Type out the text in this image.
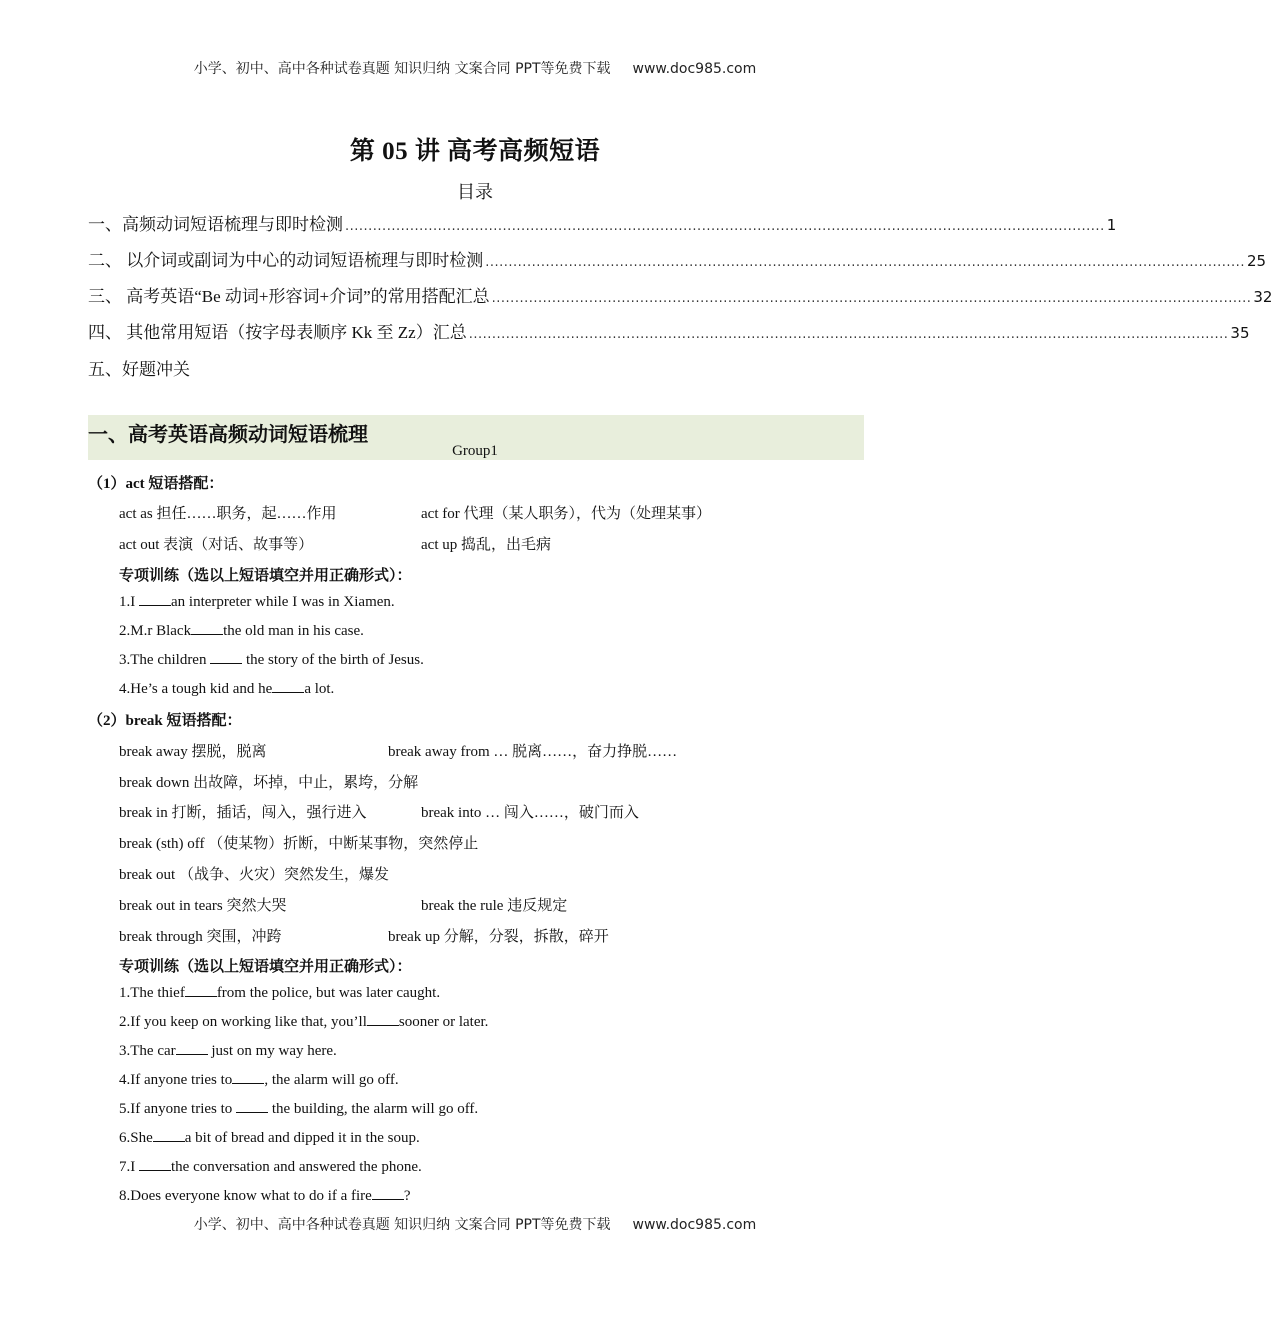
小学、初中、高中各种试卷真题 知识归纳 文案合同 PPT等免费下载 www.doc985.com
第 05 讲 高考高频短语
目录
一、高频动词短语梳理与即时检测 .................................................................................................................................................................... 1
二、 以介词或副词为中心的动词短语梳理与即时检测 .................................................................................................................................................................... 25
三、 高考英语“Be 动词+形容词+介词”的常用搭配汇总 .................................................................................................................................................................... 32
四、 其他常用短语（按字母表顺序 Kk 至 Zz）汇总 .................................................................................................................................................................... 35
五、好题冲关
一、高考英语高频动词短语梳理
Group1
（1）act 短语搭配：
act as 担任……职务，起……作用	act for 代理（某人职务），代为（处理某事）
act out 表演（对话、故事等）	act up 捣乱，出毛病
专项训练（选以上短语填空并用正确形式）：
1.I an interpreter while I was in Xiamen.
2.M.r Black the old man in his case.
3.The children  the story of the birth of Jesus.
4.He’s a tough kid and he a lot.
（2）break 短语搭配：
break away 摆脱，脱离	break away from … 脱离……，奋力挣脱……
break down 出故障，坏掉，中止，累垮，分解
break in 打断，插话，闯入，强行进入	break into … 闯入……，破门而入
break (sth) off （使某物）折断，中断某事物，突然停止
break out （战争、火灾）突然发生，爆发
break out in tears 突然大哭	break the rule 违反规定
break through 突围，冲跨	break up 分解，分裂，拆散，碎开
专项训练（选以上短语填空并用正确形式）：
1.The thief from the police, but was later caught.
2.If you keep on working like that, you’ll sooner or later.
3.The car just on my way here.
4.If anyone tries to , the alarm will go off.
5.If anyone tries to  the building, the alarm will go off.
6.She a bit of bread and dipped it in the soup.
7.I the conversation and answered the phone.
8.Does everyone know what to do if a fire ?
小学、初中、高中各种试卷真题 知识归纳 文案合同 PPT等免费下载 www.doc985.com
